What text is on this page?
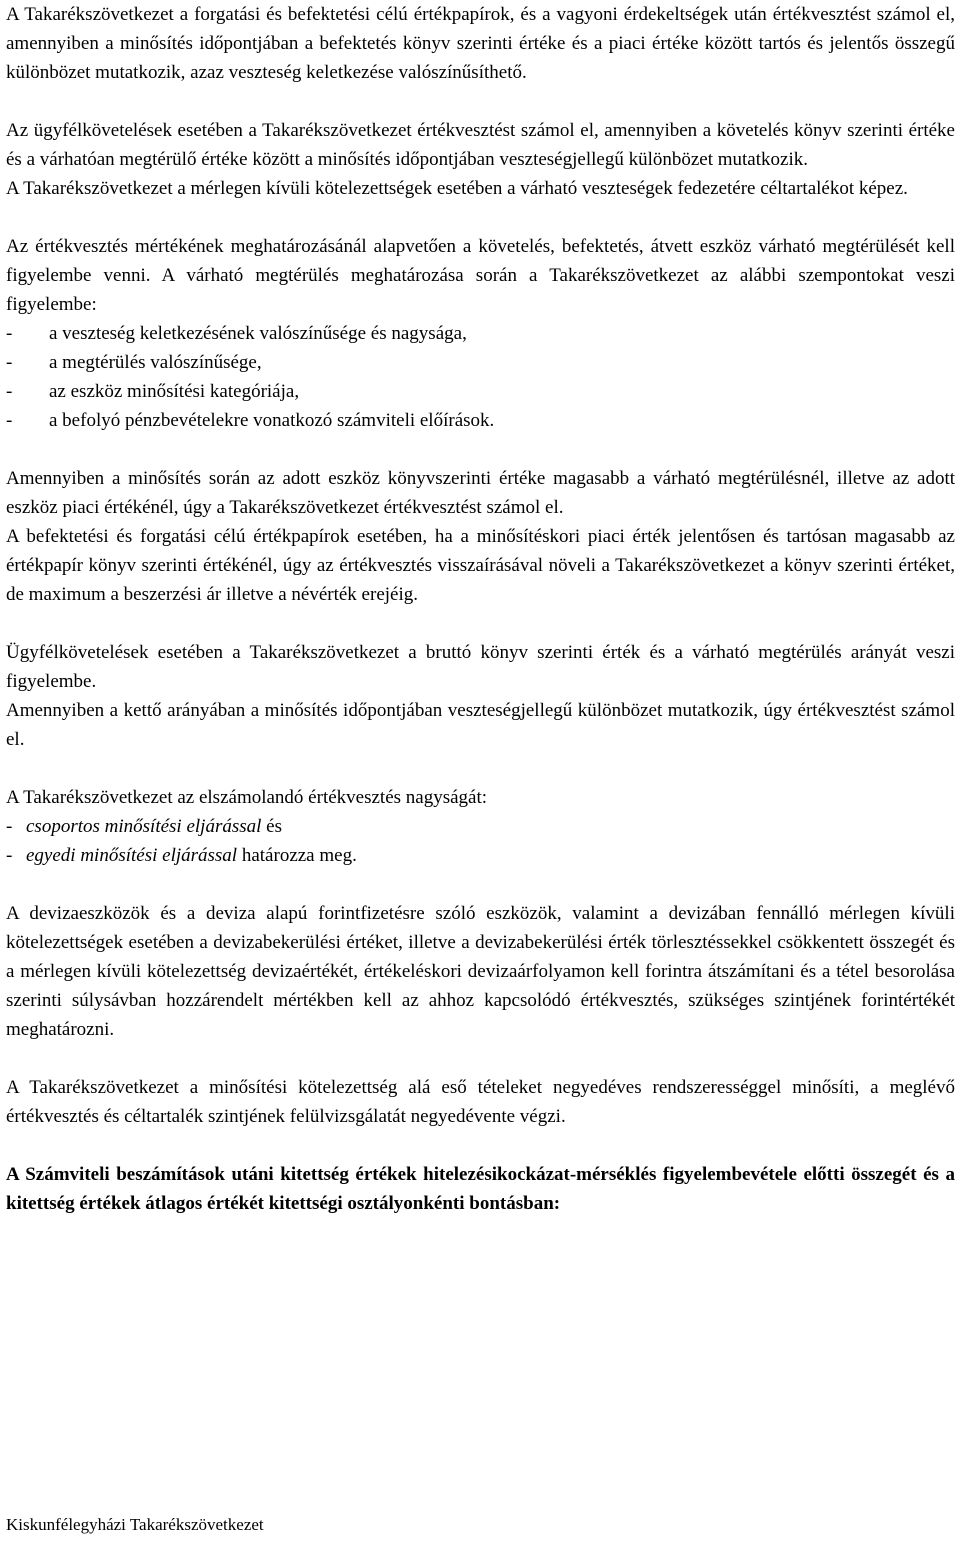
A Takarékszövetkezet a forgatási és befektetési célú értékpapírok, és a vagyoni érdekeltségek után értékvesztést számol el, amennyiben a minősítés időpontjában a befektetés könyv szerinti értéke és a piaci értéke között tartós és jelentős összegű különbözet mutatkozik, azaz veszteség keletkezése valószínűsíthető.

Az ügyfélkövetelések esetében a Takarékszövetkezet értékvesztést számol el, amennyiben a követelés könyv szerinti értéke és a várhatóan megtérülő értéke között a minősítés időpontjában veszteségjellegű különbözet mutatkozik.

A Takarékszövetkezet a mérlegen kívüli kötelezettségek esetében a várható veszteségek fedezetére céltartalékot képez.

Az értékvesztés mértékének meghatározásánál alapvetően a követelés, befektetés, átvett eszköz várható megtérülését kell figyelembe venni. A várható megtérülés meghatározása során a Takarékszövetkezet az alábbi szempontokat veszi figyelembe:

- a veszteség keletkezésének valószínűsége és nagysága,
- a megtérülés valószínűsége,
- az eszköz minősítési kategóriája,
- a befolyó pénzbevételekre vonatkozó számviteli előírások.

Amennyiben a minősítés során az adott eszköz könyvszerinti értéke magasabb a várható megtérülésnél, illetve az adott eszköz piaci értékénél, úgy a Takarékszövetkezet értékvesztést számol el.

A befektetési és forgatási célú értékpapírok esetében, ha a minősítéskori piaci érték jelentősen és tartósan magasabb az értékpapír könyv szerinti értékénél, úgy az értékvesztés visszaírásával növeli a Takarékszövetkezet a könyv szerinti értéket, de maximum a beszerzési ár illetve a névérték erejéig.

Ügyfélkövetelések esetében a Takarékszövetkezet a bruttó könyv szerinti érték és a várható megtérülés arányát veszi figyelembe.

Amennyiben a kettő arányában a minősítés időpontjában veszteségjellegű különbözet mutatkozik, úgy értékvesztést számol el.

A Takarékszövetkezet az elszámolandó értékvesztés nagyságát:

- csoportos minősítési eljárással és
- egyedi minősítési eljárással határozza meg.

A devizaeszközök és a deviza alapú forintfizetésre szóló eszközök, valamint a devizában fennálló mérlegen kívüli kötelezettségek esetében a devizabekerülési értéket, illetve a devizabekerülési érték törlesztéssekkel csökkentett összegét és a mérlegen kívüli kötelezettség devizaértékét, értékeléskori devizaárfolyamon kell forintra átszámítani és a tétel besorolása szerinti súlysávban hozzárendelt mértékben kell az ahhoz kapcsolódó értékvesztés, szükséges szintjének forintértékét meghatározni.

A Takarékszövetkezet a minősítési kötelezettség alá eső tételeket negyedéves rendszerességgel minősíti, a meglévő értékvesztés és céltartalék szintjének felülvizsgálatát negyedévente végzi.

A Számviteli beszámítások utáni kitettség értékek hitelezésikockázat-mérséklés figyelembevétele előtti összegét és a kitettség értékek átlagos értékét kitettségi osztályonkénti bontásban:

Kiskunfélegyházi Takarékszövetkezet
